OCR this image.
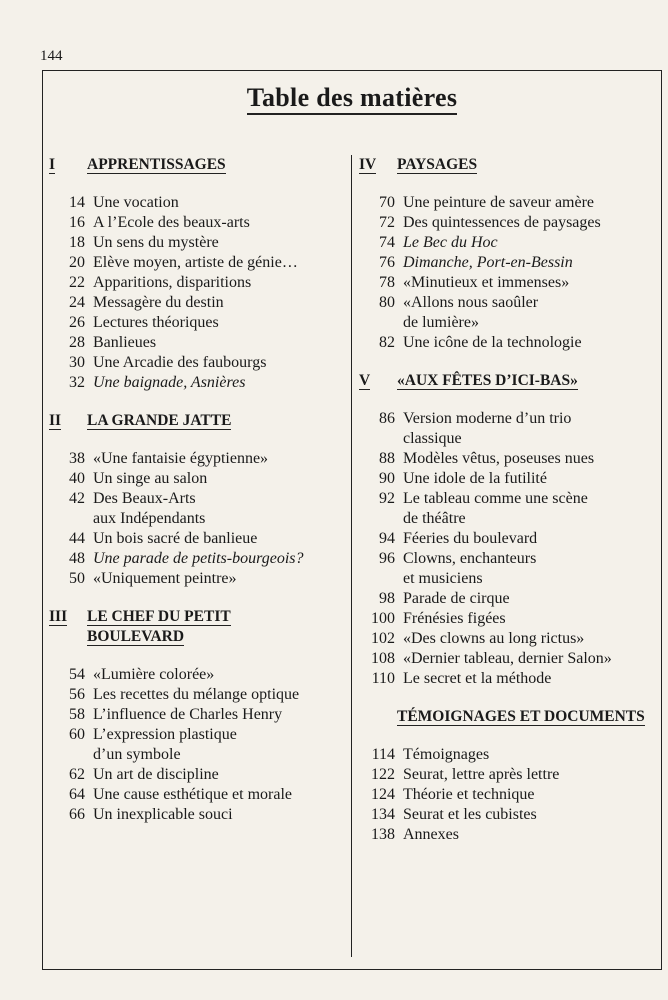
144
Table des matières
I	APPRENTISSAGES
14 Une vocation
16 A l’Ecole des beaux-arts
18 Un sens du mystère
20 Elève moyen, artiste de génie…
22 Apparitions, disparitions
24 Messagère du destin
26 Lectures théoriques
28 Banlieues
30 Une Arcadie des faubourgs
32 Une baignade, Asnières
II	LA GRANDE JATTE
38 «Une fantaisie égyptienne»
40 Un singe au salon
42 Des Beaux-Arts
aux Indépendants
44 Un bois sacré de banlieue
48 Une parade de petits-bourgeois?
50 «Uniquement peintre»
III	LE CHEF DU PETIT
BOULEVARD
54 «Lumière colorée»
56 Les recettes du mélange optique
58 L’influence de Charles Henry
60 L’expression plastique
d’un symbole
62 Un art de discipline
64 Une cause esthétique et morale
66 Un inexplicable souci
IV	PAYSAGES
70 Une peinture de saveur amère
72 Des quintessences de paysages
74 Le Bec du Hoc
76 Dimanche, Port-en-Bessin
78 «Minutieux et immenses»
80 «Allons nous saoûler
de lumière»
82 Une icône de la technologie
V	«AUX FÊTES D’ICI-BAS»
86 Version moderne d’un trio
classique
88 Modèles vêtus, poseuses nues
90 Une idole de la futilité
92 Le tableau comme une scène
de théâtre
94 Féeries du boulevard
96 Clowns, enchanteurs
et musiciens
98 Parade de cirque
100 Frénésies figées
102 «Des clowns au long rictus»
108 «Dernier tableau, dernier Salon»
110 Le secret et la méthode
TÉMOIGNAGES ET DOCUMENTS
114 Témoignages
122 Seurat, lettre après lettre
124 Théorie et technique
134 Seurat et les cubistes
138 Annexes
